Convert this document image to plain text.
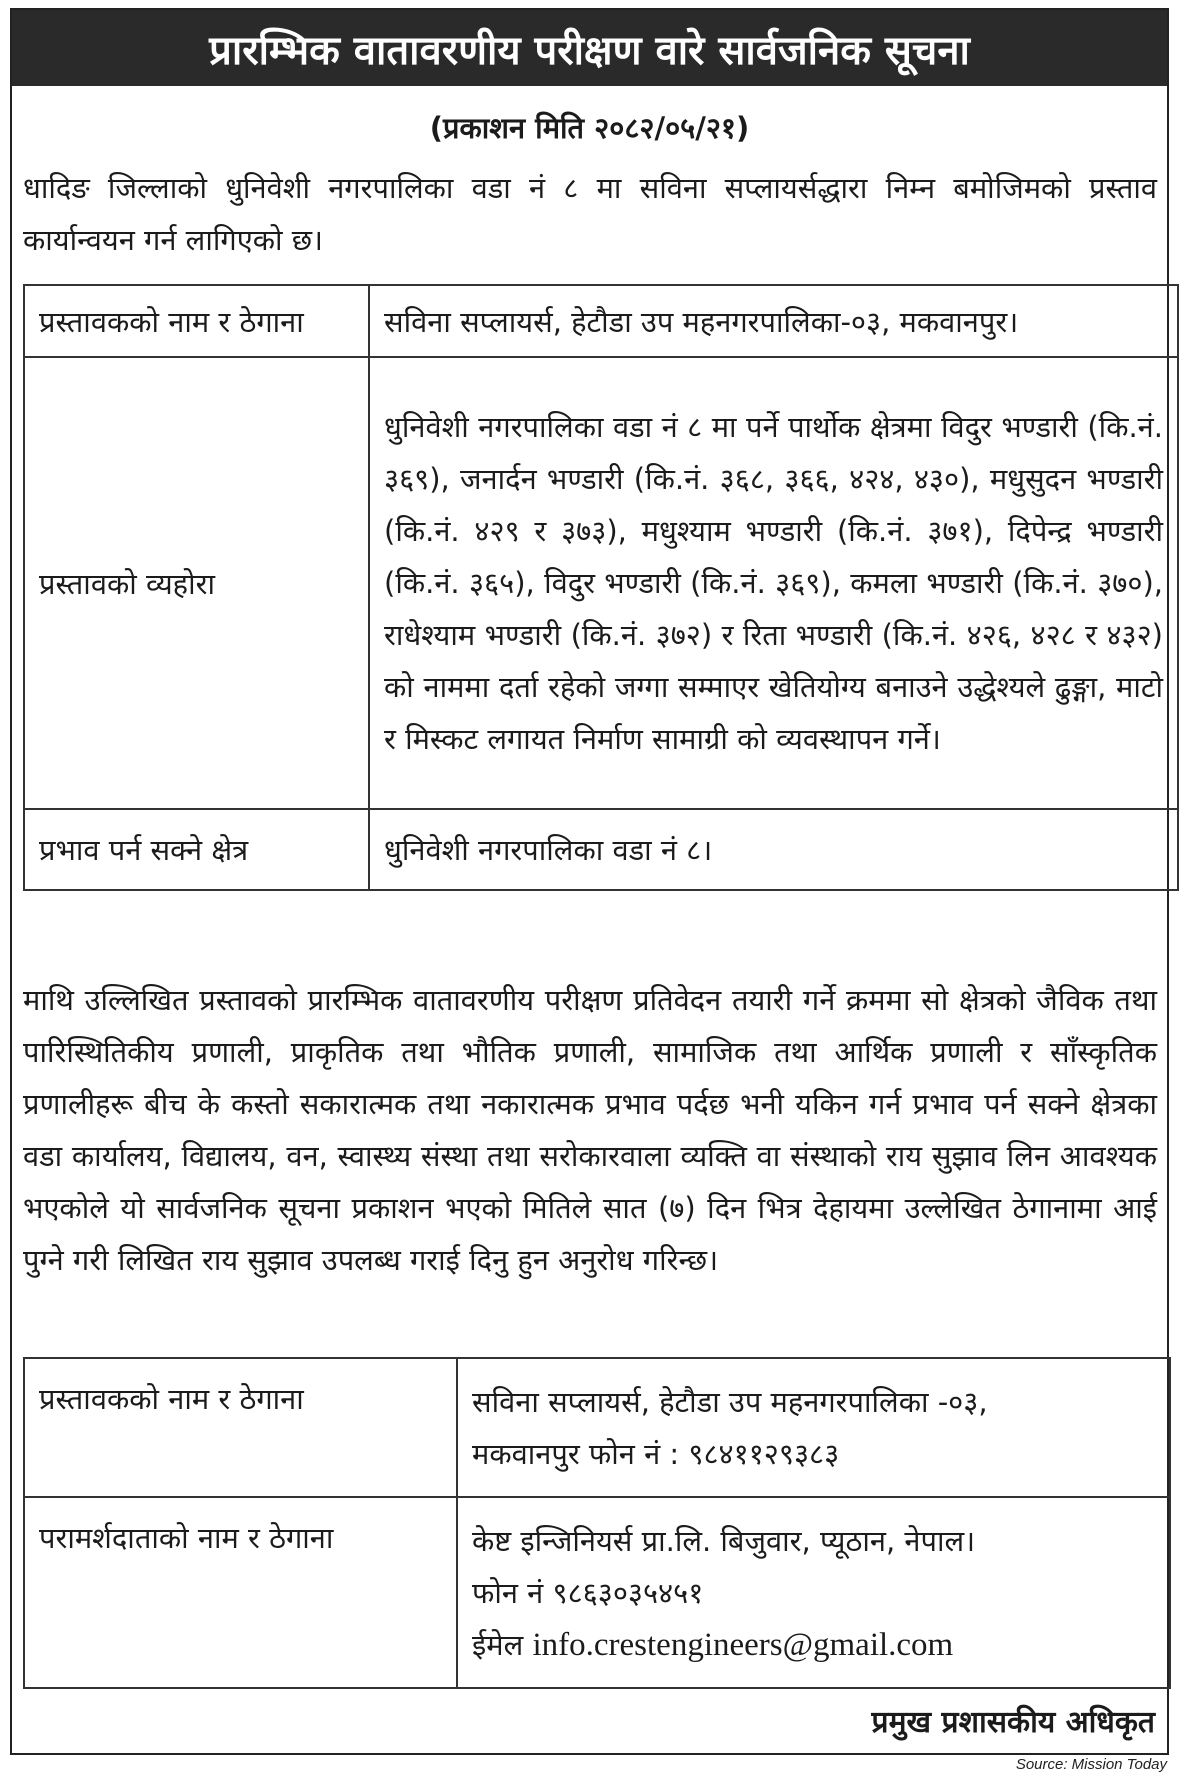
प्रारम्भिक वातावरणीय परीक्षण वारे सार्वजनिक सूचना
(प्रकाशन मिति २०८२/०५/२१)

धादिङ जिल्लाको धुनिवेशी नगरपालिका वडा नं ८ मा सविना सप्लायर्सद्धारा निम्न बमोजिमको प्रस्ताव कार्यान्वयन गर्न लागिएको छ।

प्रस्तावकको नाम र ठेगाना	सविना सप्लायर्स, हेटौडा उप महनगरपालिका-०३, मकवानपुर।
प्रस्तावको व्यहोरा	धुनिवेशी नगरपालिका वडा नं ८ मा पर्ने पार्थोक क्षेत्रमा विदुर भण्डारी (कि.नं. ३६९), जनार्दन भण्डारी (कि.नं. ३६८, ३६६, ४२४, ४३०), मधुसुदन भण्डारी (कि.नं. ४२९ र ३७३), मधुश्याम भण्डारी (कि.नं. ३७१), दिपेन्द्र भण्डारी (कि.नं. ३६५), विदुर भण्डारी (कि.नं. ३६९), कमला भण्डारी (कि.नं. ३७०), राधेश्याम भण्डारी (कि.नं. ३७२) र रिता भण्डारी (कि.नं. ४२६, ४२८ र ४३२) को नाममा दर्ता रहेको जग्गा सम्माएर खेतियोग्य बनाउने उद्धेश्यले ढुङ्गा, माटो र मिस्कट लगायत निर्माण सामाग्री को व्यवस्थापन गर्ने।
प्रभाव पर्न सक्ने क्षेत्र	धुनिवेशी नगरपालिका वडा नं ८।

माथि उल्लिखित प्रस्तावको प्रारम्भिक वातावरणीय परीक्षण प्रतिवेदन तयारी गर्ने क्रममा सो क्षेत्रको जैविक तथा पारिस्थितिकीय प्रणाली, प्राकृतिक तथा भौतिक प्रणाली, सामाजिक तथा आर्थिक प्रणाली र साँस्कृतिक प्रणालीहरू बीच के कस्तो सकारात्मक तथा नकारात्मक प्रभाव पर्दछ भनी यकिन गर्न प्रभाव पर्न सक्ने क्षेत्रका वडा कार्यालय, विद्यालय, वन, स्वास्थ्य संस्था तथा सरोकारवाला व्यक्ति वा संस्थाको राय सुझाव लिन आवश्यक भएकोले यो सार्वजनिक सूचना प्रकाशन भएको मितिले सात (७) दिन भित्र देहायमा उल्लेखित ठेगानामा आई पुग्ने गरी लिखित राय सुझाव उपलब्ध गराई दिनु हुन अनुरोध गरिन्छ।

प्रस्तावकको नाम र ठेगाना	सविना सप्लायर्स, हेटौडा उप महनगरपालिका -०३,
मकवानपुर फोन नं : ९८४११२९३८३

परामर्शदाताको नाम र ठेगाना	केष्ट इन्जिनियर्स प्रा.लि. बिजुवार, प्यूठान, नेपाल।
फोन नं ९८६३०३५४५१
ईमेल info.crestengineers@gmail.com
प्रमुख प्रशासकीय अधिकृत
Source: Mission Today
